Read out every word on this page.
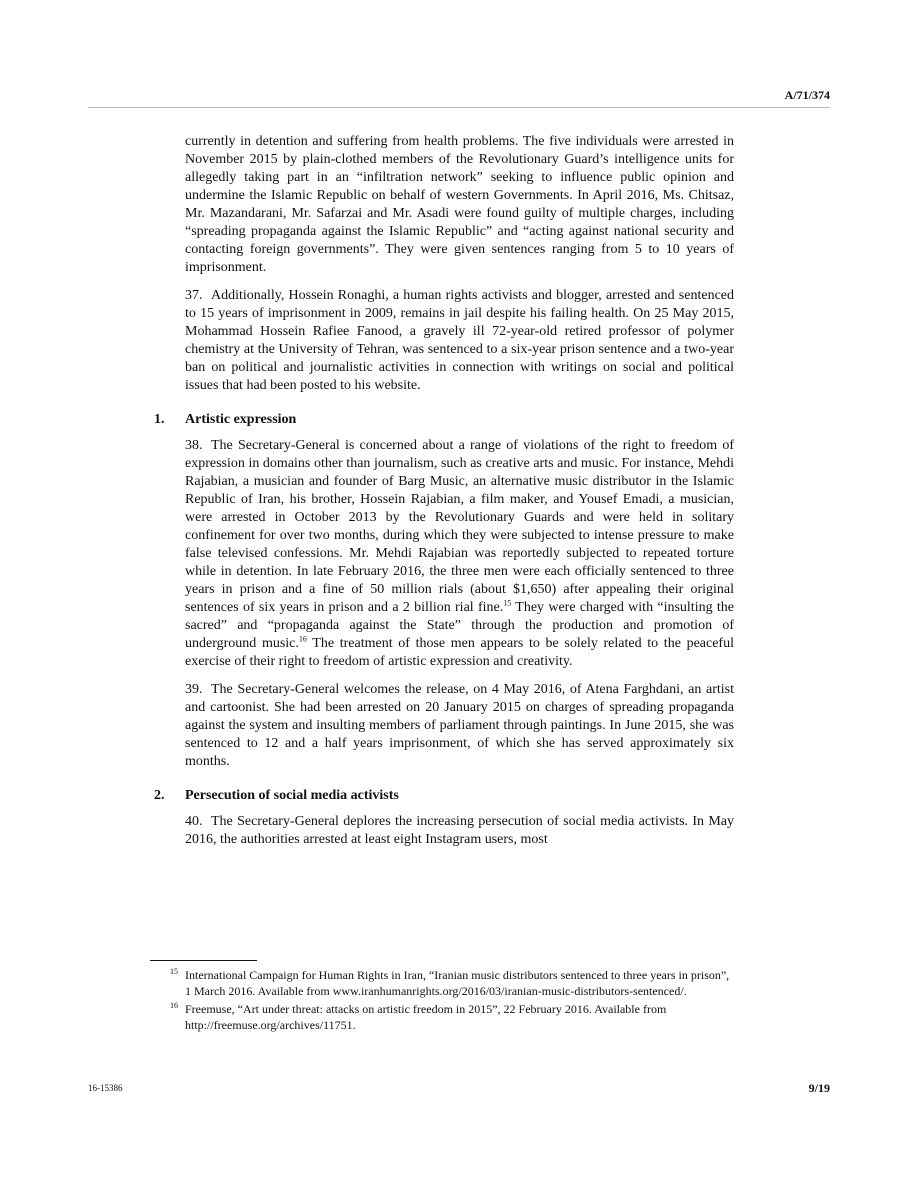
A/71/374

currently in detention and suffering from health problems. The five individuals were arrested in November 2015 by plain-clothed members of the Revolutionary Guard’s intelligence units for allegedly taking part in an “infiltration network” seeking to influence public opinion and undermine the Islamic Republic on behalf of western Governments. In April 2016, Ms. Chitsaz, Mr. Mazandarani, Mr. Safarzai and Mr. Asadi were found guilty of multiple charges, including “spreading propaganda against the Islamic Republic” and “acting against national security and contacting foreign governments”. They were given sentences ranging from 5 to 10 years of imprisonment.

37. Additionally, Hossein Ronaghi, a human rights activists and blogger, arrested and sentenced to 15 years of imprisonment in 2009, remains in jail despite his failing health. On 25 May 2015, Mohammad Hossein Rafiee Fanood, a gravely ill 72-year-old retired professor of polymer chemistry at the University of Tehran, was sentenced to a six-year prison sentence and a two-year ban on political and journalistic activities in connection with writings on social and political issues that had been posted to his website.

1. Artistic expression

38. The Secretary-General is concerned about a range of violations of the right to freedom of expression in domains other than journalism, such as creative arts and music. For instance, Mehdi Rajabian, a musician and founder of Barg Music, an alternative music distributor in the Islamic Republic of Iran, his brother, Hossein Rajabian, a film maker, and Yousef Emadi, a musician, were arrested in October 2013 by the Revolutionary Guards and were held in solitary confinement for over two months, during which they were subjected to intense pressure to make false televised confessions. Mr. Mehdi Rajabian was reportedly subjected to repeated torture while in detention. In late February 2016, the three men were each officially sentenced to three years in prison and a fine of 50 million rials (about $1,650) after appealing their original sentences of six years in prison and a 2 billion rial fine.$^{15}$ They were charged with “insulting the sacred” and “propaganda against the State” through the production and promotion of underground music.$^{16}$ The treatment of those men appears to be solely related to the peaceful exercise of their right to freedom of artistic expression and creativity.

39. The Secretary-General welcomes the release, on 4 May 2016, of Atena Farghdani, an artist and cartoonist. She had been arrested on 20 January 2015 on charges of spreading propaganda against the system and insulting members of parliament through paintings. In June 2015, she was sentenced to 12 and a half years imprisonment, of which she has served approximately six months.

2. Persecution of social media activists

40. The Secretary-General deplores the increasing persecution of social media activists. In May 2016, the authorities arrested at least eight Instagram users, most

15 International Campaign for Human Rights in Iran, “Iranian music distributors sentenced to three years in prison”, 1 March 2016. Available from www.iranhumanrights.org/2016/03/iranian-music-distributors-sentenced/.
16 Freemuse, “Art under threat: attacks on artistic freedom in 2015”, 22 February 2016. Available from http://freemuse.org/archives/11751.
16-15386	9/19
